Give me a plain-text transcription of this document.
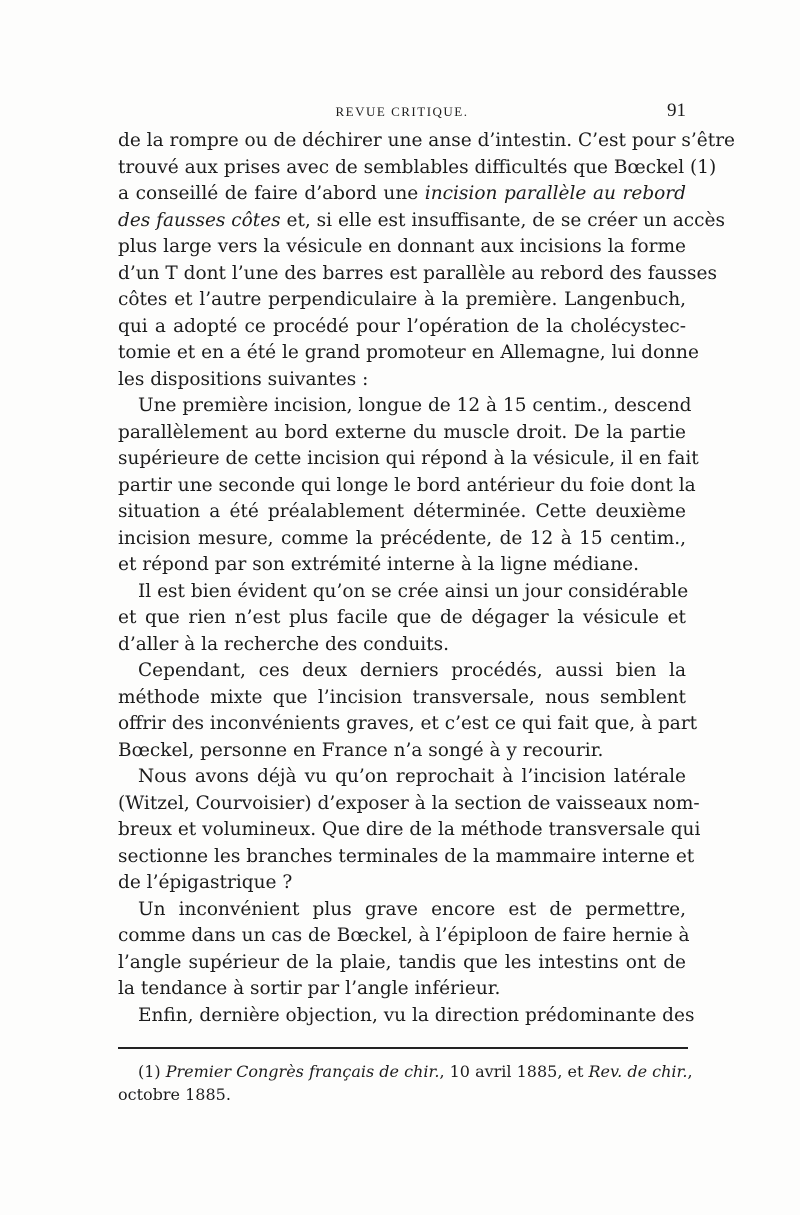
REVUE CRITIQUE.	91
de la rompre ou de déchirer une anse d’intestin. C’est pour s’être
trouvé aux prises avec de semblables difficultés que Bœckel (1)
a conseillé de faire d’abord une incision parallèle au rebord
des fausses côtes et, si elle est insuffisante, de se créer un accès
plus large vers la vésicule en donnant aux incisions la forme
d’un T dont l’une des barres est parallèle au rebord des fausses
côtes et l’autre perpendiculaire à la première. Langenbuch,
qui a adopté ce procédé pour l’opération de la cholécystec-
tomie et en a été le grand promoteur en Allemagne, lui donne
les dispositions suivantes :
Une première incision, longue de 12 à 15 centim., descend
parallèlement au bord externe du muscle droit. De la partie
supérieure de cette incision qui répond à la vésicule, il en fait
partir une seconde qui longe le bord antérieur du foie dont la
situation a été préalablement déterminée. Cette deuxième
incision mesure, comme la précédente, de 12 à 15 centim.,
et répond par son extrémité interne à la ligne médiane.
Il est bien évident qu’on se crée ainsi un jour considérable
et que rien n’est plus facile que de dégager la vésicule et
d’aller à la recherche des conduits.
Cependant, ces deux derniers procédés, aussi bien la
méthode mixte que l’incision transversale, nous semblent
offrir des inconvénients graves, et c’est ce qui fait que, à part
Bœckel, personne en France n’a songé à y recourir.
Nous avons déjà vu qu’on reprochait à l’incision latérale
(Witzel, Courvoisier) d’exposer à la section de vaisseaux nom-
breux et volumineux. Que dire de la méthode transversale qui
sectionne les branches terminales de la mammaire interne et
de l’épigastrique ?
Un inconvénient plus grave encore est de permettre,
comme dans un cas de Bœckel, à l’épiploon de faire hernie à
l’angle supérieur de la plaie, tandis que les intestins ont de
la tendance à sortir par l’angle inférieur.
Enfin, dernière objection, vu la direction prédominante des
(1) Premier Congrès français de chir., 10 avril 1885, et Rev. de chir.,
octobre 1885.
